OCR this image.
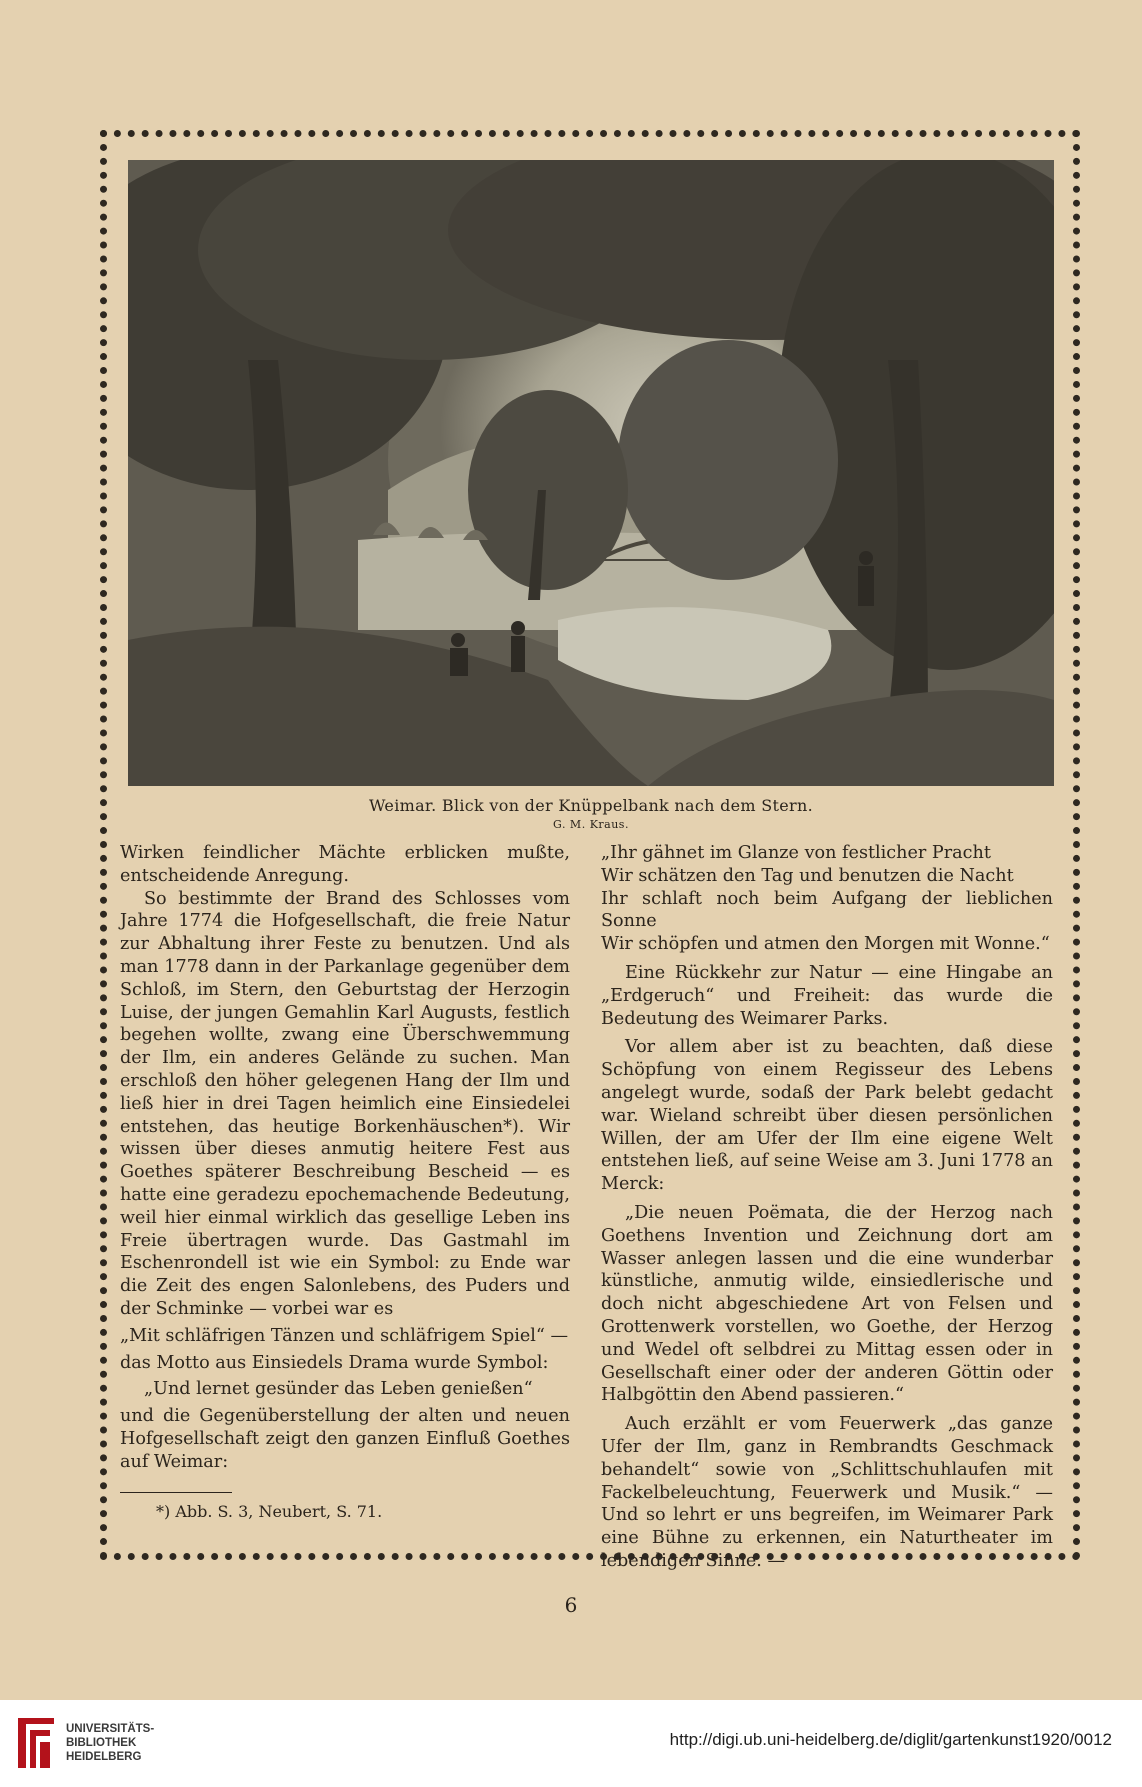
Weimar. Blick von der Knüppelbank nach dem Stern.
G. M. Kraus.

Wirken feindlicher Mächte erblicken mußte, entscheidende Anregung.

So bestimmte der Brand des Schlosses vom Jahre 1774 die Hofgesellschaft, die freie Natur zur Abhaltung ihrer Feste zu benutzen. Und als man 1778 dann in der Parkanlage gegenüber dem Schloß, im Stern, den Geburtstag der Herzogin Luise, der jungen Gemahlin Karl Augusts, festlich begehen wollte, zwang eine Überschwemmung der Ilm, ein anderes Gelände zu suchen. Man erschloß den höher gelegenen Hang der Ilm und ließ hier in drei Tagen heimlich eine Einsiedelei entstehen, das heutige Borkenhäuschen*). Wir wissen über dieses anmutig heitere Fest aus Goethes späterer Beschreibung Bescheid — es hatte eine geradezu epochemachende Bedeutung, weil hier einmal wirklich das gesellige Leben ins Freie übertragen wurde. Das Gastmahl im Eschenrondell ist wie ein Symbol: zu Ende war die Zeit des engen Salonlebens, des Puders und der Schminke — vorbei war es

„Mit schläfrigen Tänzen und schläfrigem Spiel“ —

das Motto aus Einsiedels Drama wurde Symbol:

„Und lernet gesünder das Leben genießen“

und die Gegenüberstellung der alten und neuen Hofgesellschaft zeigt den ganzen Einfluß Goethes auf Weimar:

*) Abb. S. 3, Neubert, S. 71.

„Ihr gähnet im Glanze von festlicher Pracht

Wir schätzen den Tag und benutzen die Nacht

Ihr schlaft noch beim Aufgang der lieblichen Sonne

Wir schöpfen und atmen den Morgen mit Wonne.“

Eine Rückkehr zur Natur — eine Hingabe an „Erdgeruch“ und Freiheit: das wurde die Bedeutung des Weimarer Parks.

Vor allem aber ist zu beachten, daß diese Schöpfung von einem Regisseur des Lebens angelegt wurde, sodaß der Park belebt gedacht war. Wieland schreibt über diesen persönlichen Willen, der am Ufer der Ilm eine eigene Welt entstehen ließ, auf seine Weise am 3. Juni 1778 an Merck:

„Die neuen Poëmata, die der Herzog nach Goethens Invention und Zeichnung dort am Wasser anlegen lassen und die eine wunderbar künstliche, anmutig wilde, einsiedlerische und doch nicht abgeschiedene Art von Felsen und Grottenwerk vorstellen, wo Goethe, der Herzog und Wedel oft selbdrei zu Mittag essen oder in Gesellschaft einer oder der anderen Göttin oder Halbgöttin den Abend passieren.“

Auch erzählt er vom Feuerwerk „das ganze Ufer der Ilm, ganz in Rembrandts Geschmack behandelt“ sowie von „Schlittschuhlaufen mit Fackelbeleuchtung, Feuerwerk und Musik.“ — Und so lehrt er uns begreifen, im Weimarer Park eine Bühne zu erkennen, ein Naturtheater im lebendigen Sinne. —

6
UNIVERSITÄTS-
BIBLIOTHEK
HEIDELBERG
http://digi.ub.uni-heidelberg.de/diglit/gartenkunst1920/0012
